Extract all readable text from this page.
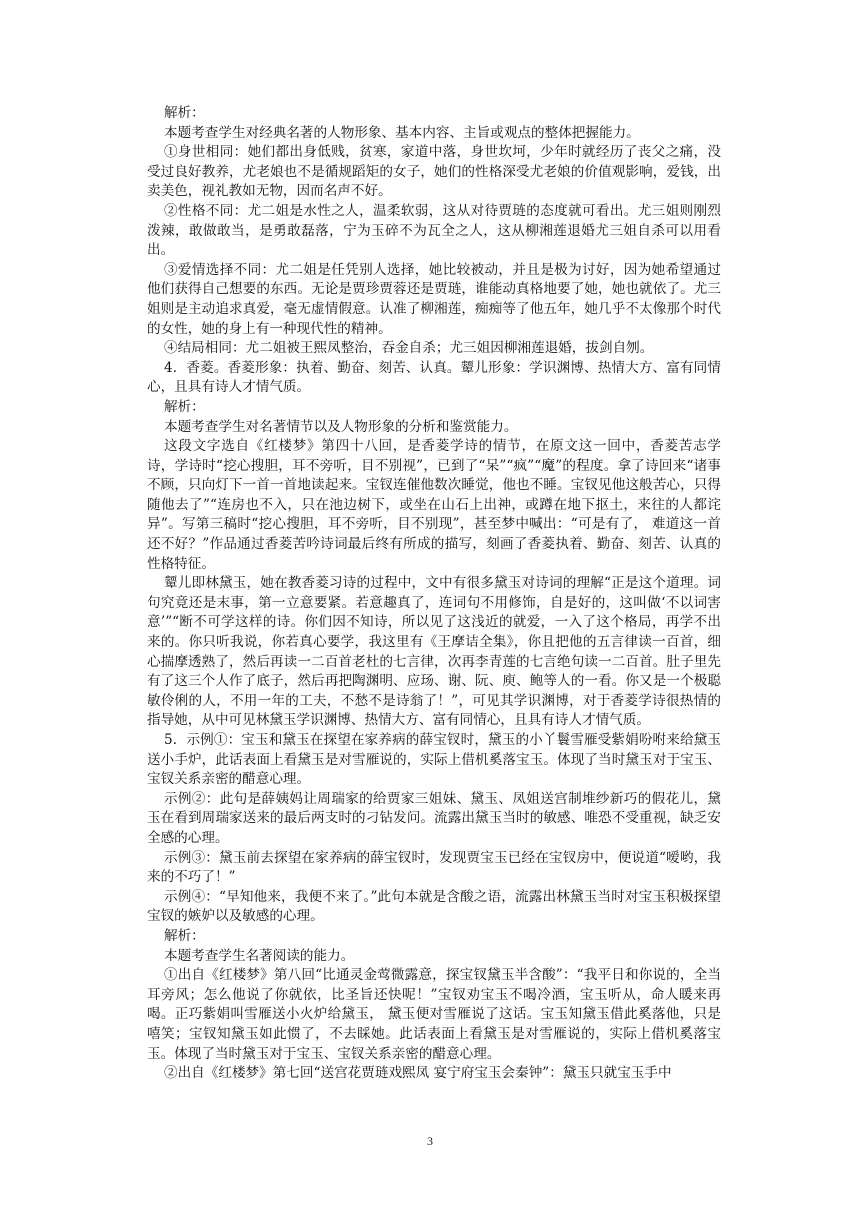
解析：

本题考查学生对经典名著的人物形象、基本内容、主旨或观点的整体把握能力。

①身世相同：她们都出身低贱，贫寒，家道中落，身世坎坷，少年时就经历了丧父之痛，没受过良好教养，尤老娘也不是循规蹈矩的女子，她们的性格深受尤老娘的价值观影响，爱钱，出卖美色，视礼教如无物，因而名声不好。

②性格不同：尤二姐是水性之人，温柔软弱，这从对待贾琏的态度就可看出。尤三姐则刚烈泼辣，敢做敢当，是勇敢磊落，宁为玉碎不为瓦全之人，这从柳湘莲退婚尤三姐自杀可以用看出。

③爱情选择不同：尤二姐是任凭别人选择，她比较被动，并且是极为讨好，因为她希望通过他们获得自己想要的东西。无论是贾珍贾蓉还是贾琏，谁能动真格地要了她，她也就依了。尤三姐则是主动追求真爱，毫无虚情假意。认准了柳湘莲，痴痴等了他五年，她几乎不太像那个时代的女性，她的身上有一种现代性的精神。

④结局相同：尤二姐被王熙凤整治，吞金自杀；尤三姐因柳湘莲退婚，拔剑自刎。

4．香菱。香菱形象：执着、勤奋、刻苦、认真。颦儿形象：学识渊博、热情大方、富有同情心，且具有诗人才情气质。

解析：

本题考查学生对名著情节以及人物形象的分析和鉴赏能力。

这段文字选自《红楼梦》第四十八回，是香菱学诗的情节，在原文这一回中，香菱苦志学诗，学诗时“挖心搜胆，耳不旁听，目不别视”，已到了“呆”“疯”“魔”的程度。拿了诗回来“诸事不顾，只向灯下一首一首地读起来。宝钗连催他数次睡觉，他也不睡。宝钗见他这般苦心，只得随他去了”“连房也不入，只在池边树下，或坐在山石上出神，或蹲在地下抠土，来往的人都诧异”。写第三稿时“挖心搜胆，耳不旁听，目不别现”，甚至梦中喊出：“可是有了， 难道这一首还不好？”作品通过香菱苦吟诗词最后终有所成的描写，刻画了香菱执着、勤奋、刻苦、认真的性格特征。

颦儿即林黛玉，她在教香菱习诗的过程中，文中有很多黛玉对诗词的理解“正是这个道理。词句究竟还是末事，第一立意要紧。若意趣真了，连词句不用修饰，自是好的，这叫做‘不以词害意’”“断不可学这样的诗。你们因不知诗，所以见了这浅近的就爱，一入了这个格局，再学不出来的。你只听我说，你若真心要学，我这里有《王摩诘全集》，你且把他的五言律读一百首，细心揣摩透熟了，然后再读一二百首老杜的七言律，次再李青莲的七言绝句读一二百首。肚子里先有了这三个人作了底子，然后再把陶渊明、应玚、谢、阮、庾、鲍等人的一看。你又是一个极聪敏伶俐的人，不用一年的工夫，不愁不是诗翁了！”，可见其学识渊博，对于香菱学诗很热情的指导她，从中可见林黛玉学识渊博、热情大方、富有同情心，且具有诗人才情气质。

5．示例①：宝玉和黛玉在探望在家养病的薛宝钗时，黛玉的小丫鬟雪雁受紫娟吩咐来给黛玉送小手炉，此话表面上看黛玉是对雪雁说的，实际上借机奚落宝玉。体现了当时黛玉对于宝玉、宝钗关系亲密的醋意心理。

示例②：此句是薛姨妈让周瑞家的给贾家三姐妹、黛玉、凤姐送宫制堆纱新巧的假花儿，黛玉在看到周瑞家送来的最后两支时的刁钻发问。流露出黛玉当时的敏感、唯恐不受重视，缺乏安全感的心理。

示例③：黛玉前去探望在家养病的薛宝钗时，发现贾宝玉已经在宝钗房中，便说道“嗳哟，我来的不巧了！”

示例④：“早知他来，我便不来了。”此句本就是含酸之语，流露出林黛玉当时对宝玉积极探望宝钗的嫉妒以及敏感的心理。

解析：

本题考查学生名著阅读的能力。

①出自《红楼梦》第八回“比通灵金莺微露意，探宝钗黛玉半含酸”：“我平日和你说的，全当耳旁风；怎么他说了你就依，比圣旨还快呢！”宝钗劝宝玉不喝冷酒，宝玉听从，命人暖来再喝。正巧紫娟叫雪雁送小火炉给黛玉， 黛玉便对雪雁说了这话。宝玉知黛玉借此奚落他，只是嘻笑；宝钗知黛玉如此惯了，不去睬她。此话表面上看黛玉是对雪雁说的，实际上借机奚落宝玉。体现了当时黛玉对于宝玉、宝钗关系亲密的醋意心理。

②出自《红楼梦》第七回“送宫花贾琏戏熙凤 宴宁府宝玉会秦钟”：黛玉只就宝玉手中

3
